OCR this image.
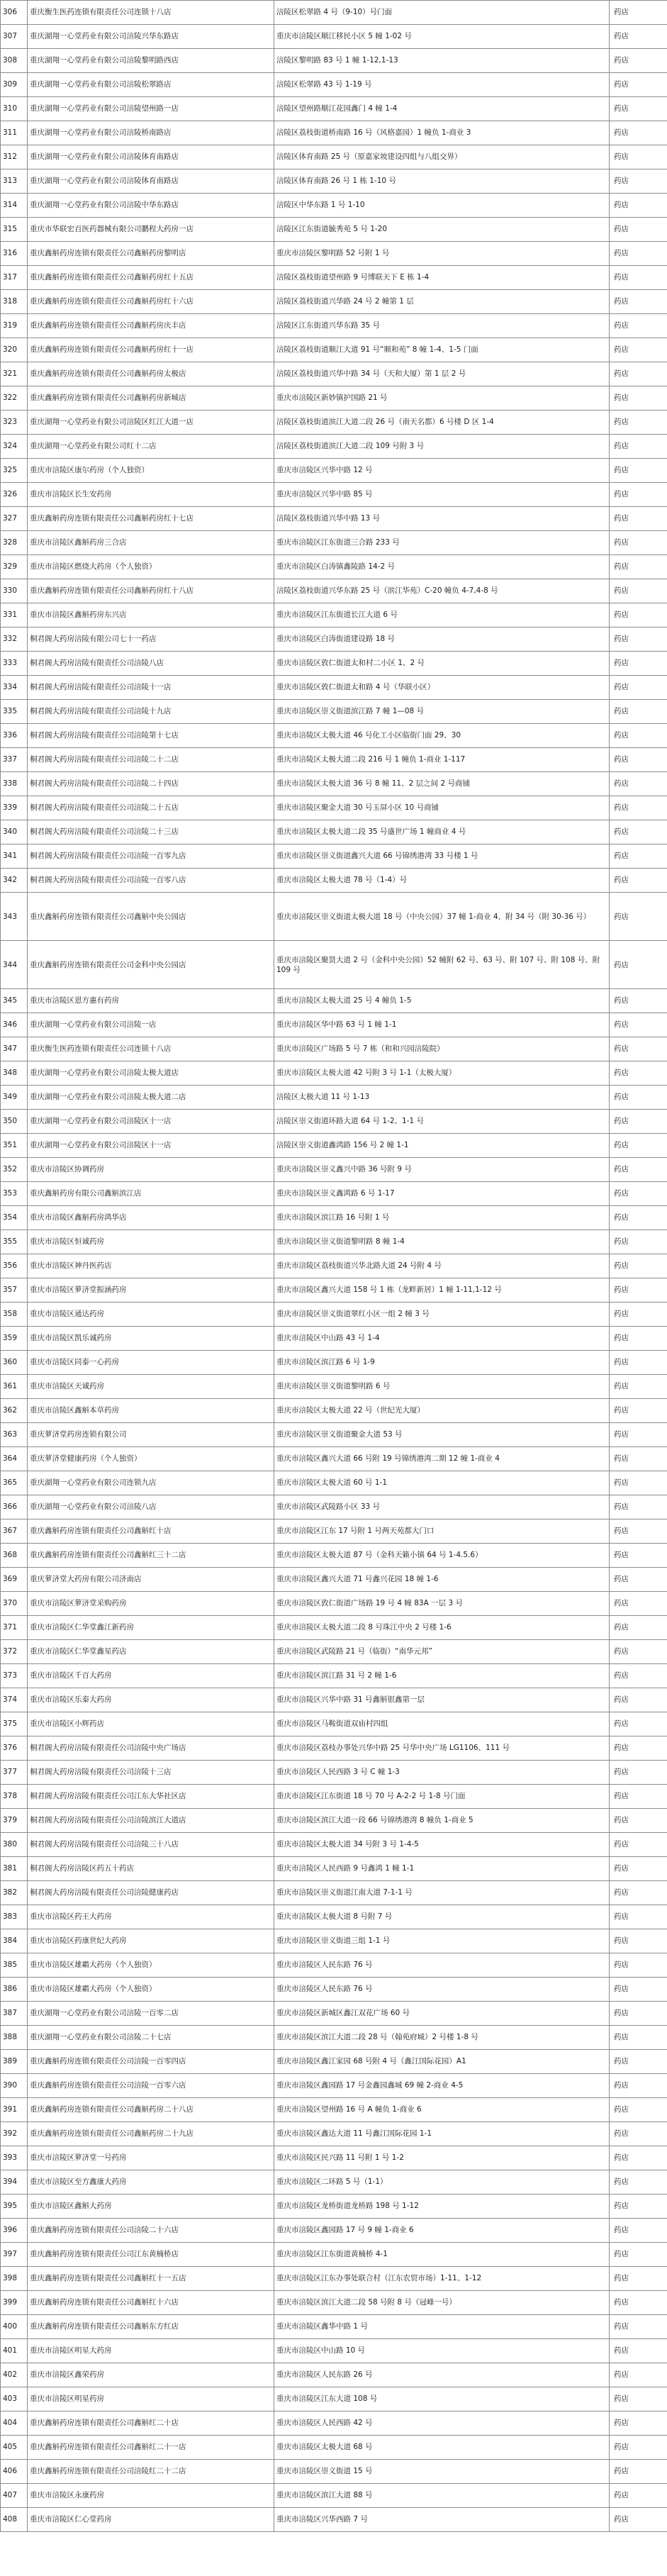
306	重庆衡生医药连锁有限责任公司连锁十八店	涪陵区松翠路 4 号（9-10）号门面	药店
307	重庆湖翔一心堂药业有限公司涪陵兴华东路店	重庆市涪陵区顺江移民小区 5 幢 1-02 号	药店
308	重庆湖翔一心堂药业有限公司涪陵黎明路西店	涪陵区黎明路 83 号 1 幢 1-12,1-13	药店
309	重庆湖翔一心堂药业有限公司涪陵松翠路店	涪陵区松翠路 43 号 1-19 号	药店
310	重庆湖翔一心堂药业有限公司涪陵望州路一店	涪陵区望州路顺江花园鑫门 4 幢 1-4	药店
311	重庆湖翔一心堂药业有限公司涪陵桥南路店	涪陵区荔枝街道桥南路 16 号（风格嘉园）1 幢负 1-商业 3	药店
312	重庆湖翔一心堂药业有限公司涪陵体育南路店	涪陵区体育南路 25 号（原嘉家坡建设四组与八组交界）	药店
313	重庆湖翔一心堂药业有限公司涪陵体育南路店	涪陵区体育南路 26 号 1 栋 1-10 号	药店
314	重庆湖翔一心堂药业有限公司涪陵中华东路店	涪陵区中华东路 1 号 1-10	药店
315	重庆市华联宏百医药器械有限公司鹏程大药房一店	涪陵区江东街道毓秀苑 5 号 1-20	药店
316	重庆鑫斛药房连锁有限责任公司鑫斛药房黎明店	重庆市涪陵区黎明路 52 号附 1 号	药店
317	重庆鑫斛药房连锁有限责任公司鑫斛药房红十五店	涪陵区荔枝街道望州路 9 号博联天下 E 栋 1-4	药店
318	重庆鑫斛药房连锁有限责任公司鑫斛药房红十六店	涪陵区荔枝街道兴华路 24 号 2 幢第 1 层	药店
319	重庆鑫斛药房连锁有限责任公司鑫斛药房庆丰店	涪陵区江东街道兴华东路 35 号	药店
320	重庆鑫斛药房连锁有限责任公司鑫斛药房红十一店	涪陵区荔枝街道顺江大道 91 号“顺和苑” 8 幢 1-4、1-5 门面	药店
321	重庆鑫斛药房连锁有限责任公司鑫斛药房太极店	涪陵区荔枝街道兴华中路 34 号（天和大厦）第 1 层 2 号	药店
322	重庆鑫斛药房连锁有限责任公司鑫斛药房新城店	重庆市涪陵区新妙镇护国路 21 号	药店
323	重庆湖翔一心堂药业有限公司涪陵区红江大道一店	涪陵区荔枝街道滨江大道二段 26 号（南天名都）6 号楼 D 区 1-4	药店
324	重庆湖翔一心堂药业有限公司红十二店	涪陵区荔枝街道滨江大道二段 109 号附 3 号	药店
325	重庆市涪陵区康尔药房（个人独资）	重庆市涪陵区兴华中路 12 号	药店
326	重庆市涪陵区长生安药房	重庆市涪陵区兴华中路 85 号	药店
327	重庆鑫斛药房连锁有限责任公司鑫斛药房红十七店	涪陵区荔枝街道兴华中路 13 号	药店
328	重庆市涪陵区鑫斛药房三合店	重庆市涪陵区江东街道三合路 233 号	药店
329	重庆市涪陵区燃烧大药房（个人独资）	重庆市涪陵区白涛镇鑫陵路 14-2 号	药店
330	重庆鑫斛药房连锁有限责任公司鑫斛药房红十八店	涪陵区荔枝街道兴华东路 25 号（滨江华苑）C-20 幢负 4-7,4-8 号	药店
331	重庆市涪陵区鑫斛药房东兴店	重庆市涪陵区江东街道长江大道 6 号	药店
332	桐君阁大药房涪陵有限公司七十一药店	重庆市涪陵区白涛街道建设路 18 号	药店
333	桐君阁大药房涪陵有限责任公司涪陵八店	重庆市涪陵区敦仁街道太和村二小区 1、2 号	药店
334	桐君阁大药房涪陵有限责任公司涪陵十一店	重庆市涪陵区敦仁街道太和路 4 号（华联小区）	药店
335	桐君阁大药房涪陵有限责任公司涪陵十九店	重庆市涪陵区崇义街道滨江路 7 幢 1—08 号	药店
336	桐君阁大药房涪陵有限责任公司涪陵第十七店	重庆市涪陵区太极大道 46 号化工小区临街门面 29、30	药店
337	桐君阁大药房涪陵有限责任公司涪陵二十二店	重庆市涪陵区太极大道二段 216 号 1 幢负 1-商业 1-117	药店
338	桐君阁大药房涪陵有限责任公司涪陵二十四店	重庆市涪陵区太极大道 36 号 8 幢 11、2 层之间 2 号商铺	药店
339	桐君阁大药房涪陵有限责任公司涪陵二十五店	重庆市涪陵区聚金大道 30 号玉屏小区 10 号商铺	药店
340	桐君阁大药房涪陵有限责任公司涪陵二十三店	重庆市涪陵区太极大道二段 35 号盛世广场 1 幢商业 4 号	药店
341	桐君阁大药房涪陵有限责任公司涪陵一百零九店	重庆市涪陵区崇义街道鑫兴大道 66 号锦绣港湾 33 号楼 1 号	药店
342	桐君阁大药房涪陵有限责任公司涪陵一百零八店	重庆市涪陵区太极大道 78 号（1-4）号	药店
343	重庆鑫斛药房连锁有限责任公司鑫斛中央公园店	重庆市涪陵区崇义街道太极大道 18 号（中央公园）37 幢 1-商业 4、附 34 号（附 30-36 号）	药店
344	重庆鑫斛药房连锁有限责任公司金科中央公园店	重庆市涪陵区聚贤大道 2 号（金科中央公园）52 幢附 62 号、63 号、附 107 号、附 108 号、附 109 号	药店
345	重庆市涪陵区恩方惠有药房	重庆市涪陵区太极大道 25 号 4 幢负 1-5	药店
346	重庆湖翔一心堂药业有限公司涪陵一店	重庆市涪陵区华中路 63 号 1 幢 1-1	药店
347	重庆衡生医药连锁有限责任公司连锁十八店	重庆市涪陵区广场路 5 号 7 栋（和和兴园涪陵院）	药店
348	重庆湖翔一心堂药业有限公司涪陵太极大道店	重庆市涪陵区太极大道 42 号附 3 号 1-1（太极大厦）	药店
349	重庆湖翔一心堂药业有限公司涪陵太极大道二店	涪陵区太极大道 11 号 1-13	药店
350	重庆湖翔一心堂药业有限公司涪陵区十一店	涪陵区崇义街道环路大道 64 号 1-2、1-1 号	药店
351	重庆湖翔一心堂药业有限公司涪陵区十一店	涪陵区崇义街道鑫鸿路 156 号 2 幢 1-1	药店
352	重庆市涪陵区协调药房	重庆市涪陵区崇义鑫兴中路 36 号附 9 号	药店
353	重庆鑫斛药房有限公司鑫斛滨江店	重庆市涪陵区崇义鑫鸿路 6 号 1-17	药店
354	重庆市涪陵区鑫斛药房鸿华店	重庆市涪陵区滨江路 16 号附 1 号	药店
355	重庆市涪陵区恒诚药房	重庆市涪陵区崇义街道黎明路 8 幢 1-4	药店
356	重庆市涪陵区神丹医药店	重庆市涪陵区荔枝街道兴华北路大道 24 号附 4 号	药店
357	重庆市涪陵区萝济堂振涵药房	重庆市涪陵区鑫兴大道 158 号 1 栋（龙畔新居）1 幢 1-11,1-12 号	药店
358	重庆市涪陵区通达药房	重庆市涪陵区崇义街道翠红小区一组 2 幢 3 号	药店
359	重庆市涪陵区凯乐诚药房	重庆市涪陵区中山路 43 号 1-4	药店
360	重庆市涪陵区同泰一心药房	重庆市涪陵区滨江路 6 号 1-9	药店
361	重庆市涪陵区天诚药房	重庆市涪陵区崇义街道黎明路 6 号	药店
362	重庆市涪陵区鑫斛本草药房	重庆市涪陵区太极大道 22 号（世纪光大厦）	药店
363	重庆萝济堂药房连锁有限公司	重庆市涪陵区崇义街道聚金大道 53 号	药店
364	重庆萝济堂健康药房（个人独资）	重庆市涪陵区鑫兴大道 66 号附 19 号锦绣港湾二期 12 幢 1-商业 4	药店
365	重庆湖翔一心堂药业有限公司连锁九店	重庆市涪陵区太极大道 60 号 1-1	药店
366	重庆湖翔一心堂药业有限公司涪陵八店	重庆市涪陵区武陵路小区 33 号	药店
367	重庆鑫斛药房连锁有限责任公司鑫斛红十店	重庆市涪陵区江东 17 号附 1 号两天苑都大门口	药店
368	重庆鑫斛药房连锁有限责任公司鑫斛红三十二店	重庆市涪陵区太极大道 87 号（金科天籁小镇 64 号 1-4.5.6）	药店
369	重庆萝济堂大药房有限公司济南店	重庆市涪陵区鑫兴大道 71 号鑫兴花园 18 幢 1-6	药店
370	重庆市涪陵区萝济堂采购药房	重庆市涪陵区敦仁街道广场路 19 号 4 幢 83A 一层 3 号	药店
371	重庆市涪陵区仁华堂鑫江新药房	重庆市涪陵区太极大道二段 8 号珠江中央 2 号楼 1-6	药店
372	重庆市涪陵区仁华堂鑫星药店	重庆市涪陵区武陵路 21 号（临街）“南华元邦”	药店
373	重庆市涪陵区千百大药房	重庆市涪陵区滨江路 31 号 2 幢 1-6	药店
374	重庆市涪陵区乐泰大药房	重庆市涪陵区兴华中路 31 号鑫斛银鑫第一层	药店
375	重庆市涪陵区小辉药店	重庆市涪陵区马鞍街道双庙村四组	药店
376	桐君阁大药房涪陵有限责任公司涪陵中央广场店	重庆市涪陵区荔枝办事处兴华中路 25 号华中央广场 LG1106、111 号	药店
377	桐君阁大药房涪陵有限责任公司涪陵十三店	重庆市涪陵区人民西路 3 号 C 幢 1-3	药店
378	桐君阁大药房涪陵有限责任公司江东大华社区店	重庆市涪陵区江东街道 18 号 70 号 A-2-2 号 1-8 号门面	药店
379	桐君阁大药房涪陵有限责任公司涪陵滨江大道店	重庆市涪陵区滨江大道一段 66 号锦绣港湾 8 幢负 1-商业 5	药店
380	桐君阁大药房涪陵有限责任公司涪陵三十八店	重庆市涪陵区太极大道 34 号附 3 号 1-4-5	药店
381	桐君阁大药房涪陵区药五十药店	重庆市涪陵区人民西路 9 号鑫鸿 1 幢 1-1	药店
382	桐君阁大药房涪陵有限责任公司涪陵健康药店	重庆市涪陵区崇义街道江南大道 7-1-1 号	药店
383	重庆市涪陵区药王大药房	重庆市涪陵区太极大道 8 号附 7 号	药店
384	重庆市涪陵区药康世纪大药房	重庆市涪陵区崇义街道三组 1-1 号	药店
385	重庆市涪陵区雄霸大药房（个人独资）	重庆市涪陵区人民东路 76 号	药店
386	重庆市涪陵区雄霸大药房（个人独资）	重庆市涪陵区人民东路 76 号	药店
387	重庆湖翔一心堂药业有限公司涪陵一百零二店	重庆市涪陵区新城区鑫江双花广场 60 号	药店
388	重庆湖翔一心堂药业有限公司涪陵二十七店	重庆市涪陵区滨江大道二段 28 号（翰苑府城）2 号楼 1-8 号	药店
389	重庆鑫斛药房连锁有限责任公司涪陵一百零四店	重庆市涪陵区鑫江家园 68 号附 4 号（鑫江国际花园）A1	药店
390	重庆鑫斛药房连锁有限责任公司涪陵一百零六店	重庆市涪陵区鑫园路 17 号金鑫园鑫城 69 幢 2-商业 4-5	药店
391	重庆鑫斛药房连锁有限责任公司鑫斛药房二十八店	重庆市涪陵区望州路 16 号 A 幢负 1-商业 6	药店
392	重庆鑫斛药房连锁有限责任公司鑫斛药房二十九店	重庆市涪陵区鑫达大道 11 号鑫江国际花园 1-1	药店
393	重庆市涪陵区萝济堂一号药房	重庆市涪陵区民兴路 11 号附 1 号 1-2	药店
394	重庆市涪陵区至方鑫康大药房	重庆市涪陵区二环路 5 号（1-1）	药店
395	重庆市涪陵区鑫斛大药房	重庆市涪陵区龙桥街道龙桥路 198 号 1-12	药店
396	重庆鑫斛药房连锁有限责任公司涪陵二十六店	重庆市涪陵区鑫园路 17 号 9 幢 1-商业 6	药店
397	重庆鑫斛药房连锁有限责任公司江东黄楠桥店	重庆市涪陵区江东街道黄楠桥 4-1	药店
398	重庆鑫斛药房连锁有限责任公司鑫斛红十一五店	重庆市涪陵区江东办事处联合村（江东农贸市场）1-11、1-12	药店
399	重庆鑫斛药房连锁有限责任公司鑫斛红十六店	重庆市涪陵区滨江大道二段 58 号附 8 号（冠峰一号）	药店
400	重庆鑫斛药房连锁有限责任公司鑫斛东方红店	重庆市涪陵区鑫华中路 1 号	药店
401	重庆市涪陵区明星大药房	重庆市涪陵区中山路 10 号	药店
402	重庆市涪陵区鑫荣药房	重庆市涪陵区人民东路 26 号	药店
403	重庆市涪陵区明星药房	重庆市涪陵区江东大道 108 号	药店
404	重庆鑫斛药房连锁有限责任公司鑫斛红二十店	重庆市涪陵区人民西路 42 号	药店
405	重庆鑫斛药房连锁有限责任公司鑫斛红二十一店	重庆市涪陵区太极大道 68 号	药店
406	重庆鑫斛药房连锁有限责任公司涪陵红二十二店	重庆市涪陵区崇义街道 15 号	药店
407	重庆市涪陵区永康药房	重庆市涪陵区滨江大道 88 号	药店
408	重庆市涪陵区仁心堂药房	重庆市涪陵区兴华西路 7 号	药店
